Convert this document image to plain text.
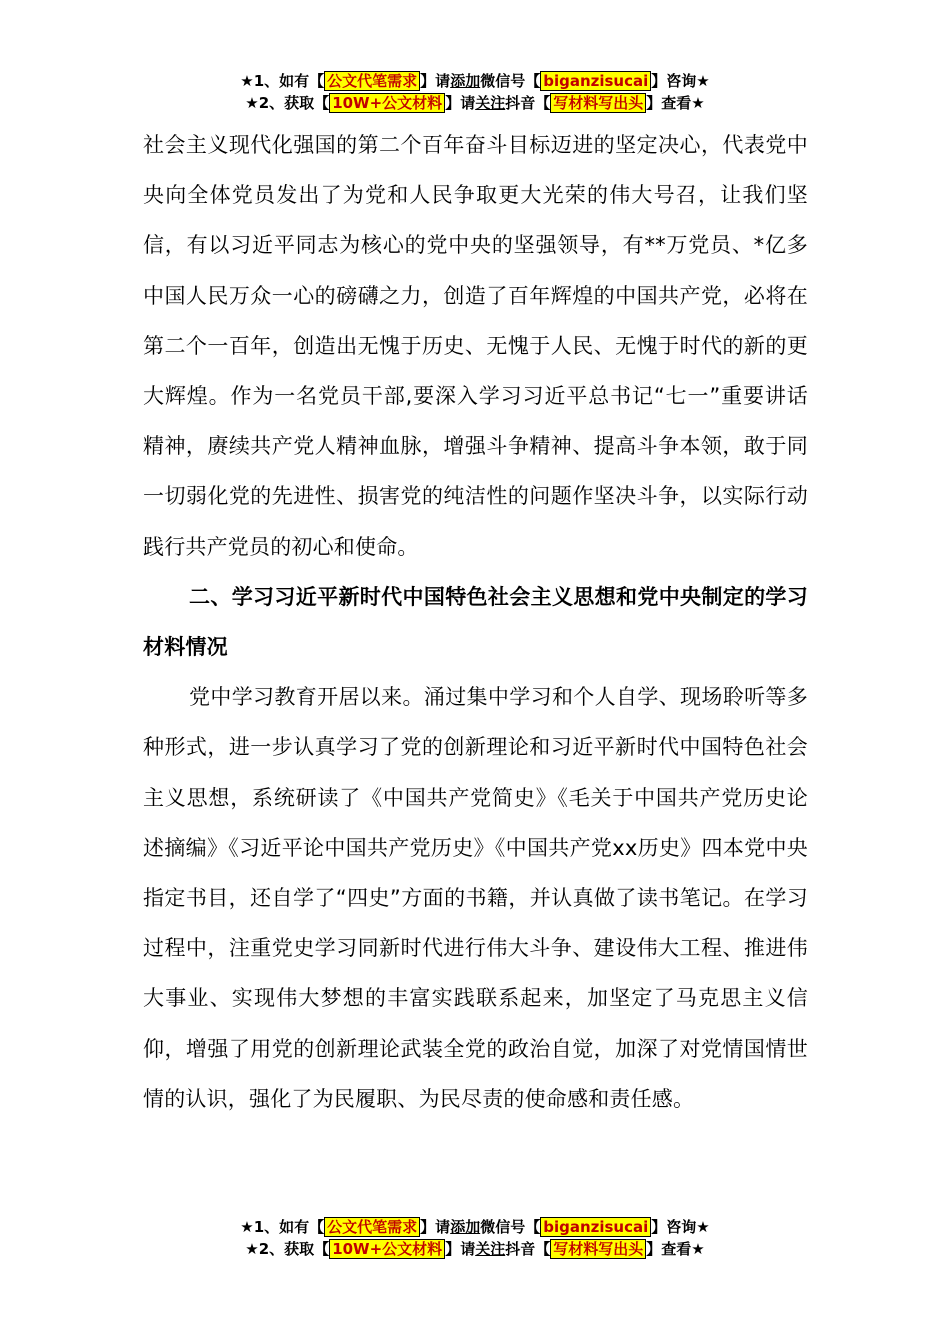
★1、如有【 公文代笔需求 】请添加微信号【 biganzisucai 】咨询★
★2、获取【 10W+公文材料 】请关注抖音【 写材料写出头 】查看★

社会主义现代化强国的第二个百年奋斗目标迈进的坚定决心，代表党中央向全体党员发出了为党和人民争取更大光荣的伟大号召，让我们坚信，有以习近平同志为核心的党中央的坚强领导，有**万党员、*亿多中国人民万众一心的磅礴之力，创造了百年辉煌的中国共产党，必将在第二个一百年，创造出无愧于历史、无愧于人民、无愧于时代的新的更大辉煌。作为一名党员干部,要深入学习习近平总书记“七一”重要讲话精神，赓续共产党人精神血脉，增强斗争精神、提高斗争本领，敢于同一切弱化党的先进性、损害党的纯洁性的问题作坚决斗争，以实际行动践行共产党员的初心和使命。

二、学习习近平新时代中国特色社会主义思想和党中央制定的学习材料情况

党中学习教育开居以来。涌过集中学习和个人自学、现场聆听等多种形式，进一步认真学习了党的创新理论和习近平新时代中国特色社会主义思想，系统研读了《中国共产党简史》《毛关于中国共产党历史论述摘编》《习近平论中国共产党历史》《中国共产党xx历史》四本党中央指定书目，还自学了“四史”方面的书籍，并认真做了读书笔记。在学习过程中，注重党史学习同新时代进行伟大斗争、建设伟大工程、推进伟大事业、实现伟大梦想的丰富实践联系起来，加坚定了马克思主义信仰，增强了用党的创新理论武装全党的政治自觉，加深了对党情国情世情的认识，强化了为民履职、为民尽责的使命感和责任感。

★1、如有【 公文代笔需求 】请添加微信号【 biganzisucai 】咨询★
★2、获取【 10W+公文材料 】请关注抖音【 写材料写出头 】查看★
